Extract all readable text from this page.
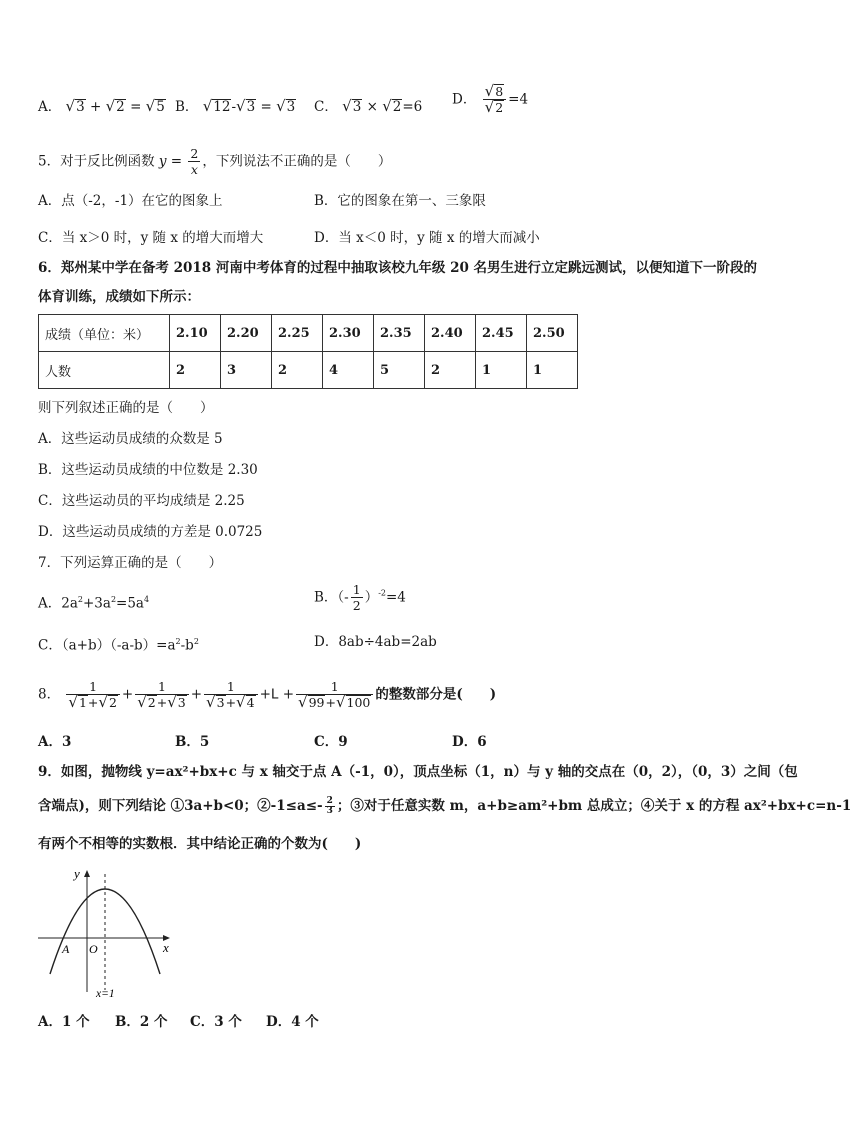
A． √3 + √2 = √5 B． √12-√3 = √3 C． √3 × √2=6 D． $\frac{√8}{√2} =4$
5．对于反比例函数 $y = \frac{2}{x}$ ，下列说法不正确的是（　　）
A．点（-2，-1）在它的图象上	B．它的图象在第一、三象限
C．当 x＞0 时，y 随 x 的增大而增大	D．当 x＜0 时，y 随 x 的增大而减小
6．郑州某中学在备考 2018 河南中考体育的过程中抽取该校九年级 20 名男生进行立定跳远测试，以便知道下一阶段的
体育训练，成绩如下所示：
成绩（单位：米）	2.10	2.20	2.25	2.30	2.35	2.40	2.45	2.50
人数	2	3	2	4	5	2	1	1
则下列叙述正确的是（　　）
A．这些运动员成绩的众数是 5
B．这些运动员成绩的中位数是 2.30
C．这些运动员的平均成绩是 2.25
D．这些运动员成绩的方差是 0.0725
7．下列运算正确的是（　　）
A．$2a^2+3a^2=5a^4$	B．（- $\frac{1}{2} )^{-2}=4$
C．$(a+b)(-a-b)=a^2-b^2$	D．8ab÷4ab=2ab
8． $\frac{1}{√1+√2} + \frac{1}{√2+√3} + \frac{1}{√3+√4} +L + \frac{1}{√99+√100}$ 的整数部分是(　　)
A．3	B．5	C．9	D．6
9．如图，抛物线 y=ax²+bx+c 与 x 轴交于点 A（-1，0），顶点坐标（1，n）与 y 轴的交点在（0，2），（0，3）之间（包
含端点)，则下列结论 ①3a+b<0；②-1≤a≤- $\frac{2}{3}$ ；③对于任意实数 m，a+b≥am²+bm 总成立；④关于 x 的方程 ax²+bx+c=n-1
有两个不相等的实数根．其中结论正确的个数为(　　)
y
x
A O
x=1
A．1 个 B．2 个 C．3 个 D．4 个
